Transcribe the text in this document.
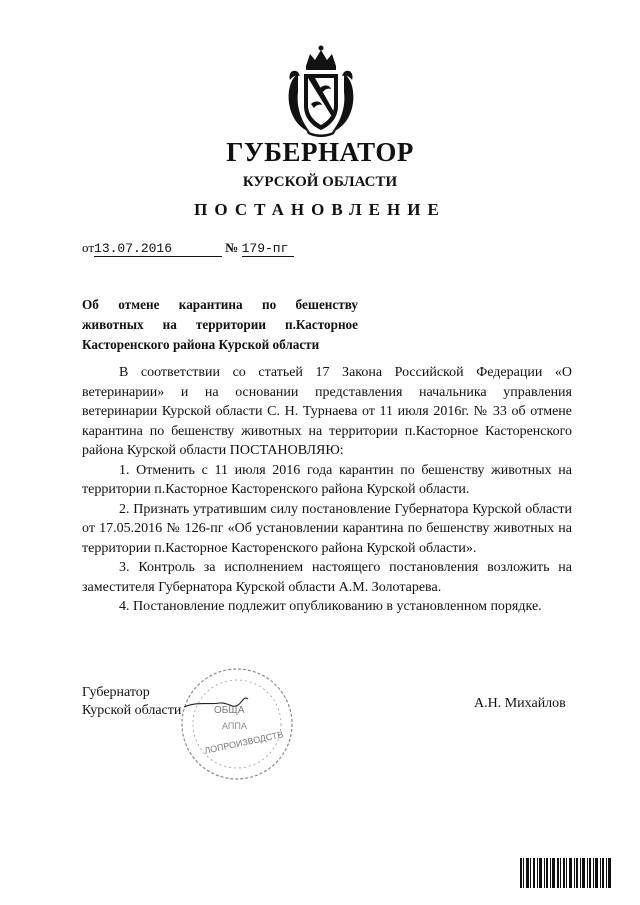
ГУБЕРНАТОР
КУРСКОЙ ОБЛАСТИ
ПОСТАНОВЛЕНИЕ
от13.07.2016	№ 179-пг
Об отмене карантина по бешенству животных на территории п.Касторное Касторенского района Курской области

В соответствии со статьей 17 Закона Российской Федерации «О ветеринарии» и на основании представления начальника управления ветеринарии Курской области С. Н. Турнаева от 11 июля 2016г. № 33 об отмене карантина по бешенству животных на территории п.Касторное Касторенского района Курской области ПОСТАНОВЛЯЮ:

1. Отменить с 11 июля 2016 года карантин по бешенству животных на территории п.Касторное Касторенского района Курской области.

2. Признать утратившим силу постановление Губернатора Курской области от 17.05.2016 № 126-пг «Об установлении карантина по бешенству животных на территории п.Касторное Касторенского района Курской области».

3. Контроль за исполнением настоящего постановления возложить на заместителя Губернатора Курской области А.М. Золотарева.

4. Постановление подлежит опубликованию в установленном порядке.

Губернатор
Курской области	А.Н. Михайлов
ОБЩА
АППА
ЛОПРОИЗВОДСТВ
